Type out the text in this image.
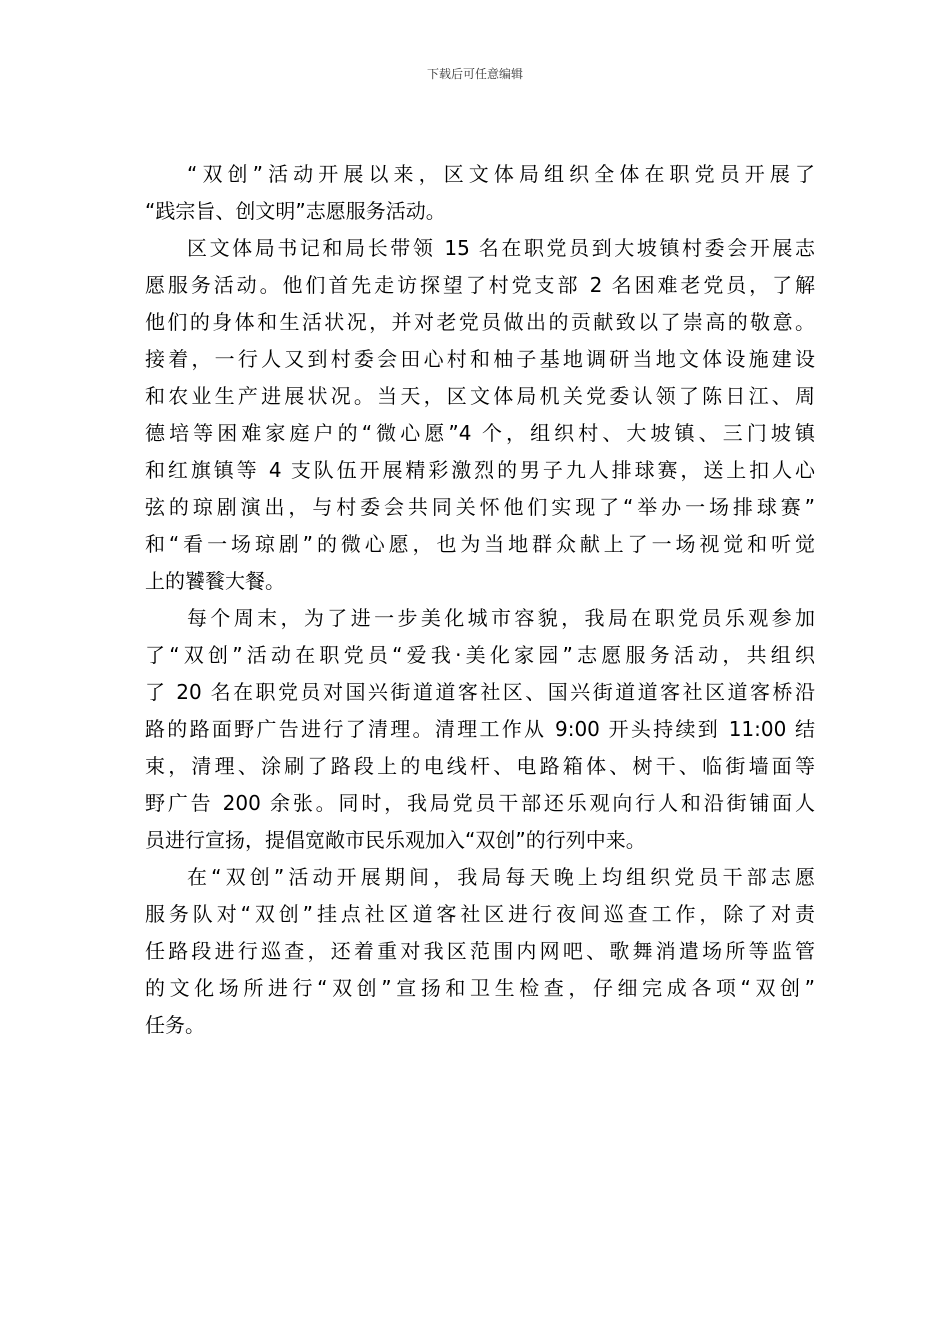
下载后可任意编辑
“双创”活动开展以来，区文体局组织全体在职党员开展了
“践宗旨、创文明”志愿服务活动。
区文体局书记和局长带领 15 名在职党员到大坡镇村委会开展志
愿服务活动。他们首先走访探望了村党支部 2 名困难老党员，了解
他们的身体和生活状况，并对老党员做出的贡献致以了崇高的敬意。
接着，一行人又到村委会田心村和柚子基地调研当地文体设施建设
和农业生产进展状况。当天，区文体局机关党委认领了陈日江、周
德培等困难家庭户的“微心愿”4 个，组织村、大坡镇、三门坡镇
和红旗镇等 4 支队伍开展精彩激烈的男子九人排球赛，送上扣人心
弦的琼剧演出，与村委会共同关怀他们实现了“举办一场排球赛”
和“看一场琼剧”的微心愿，也为当地群众献上了一场视觉和听觉
上的饕餮大餐。
每个周末，为了进一步美化城市容貌，我局在职党员乐观参加
了“双创”活动在职党员“爱我·美化家园”志愿服务活动，共组织
了 20 名在职党员对国兴街道道客社区、国兴街道道客社区道客桥沿
路的路面野广告进行了清理。清理工作从 9:00 开头持续到 11:00 结
束，清理、涂刷了路段上的电线杆、电路箱体、树干、临街墙面等
野广告 200 余张。同时，我局党员干部还乐观向行人和沿街铺面人
员进行宣扬，提倡宽敞市民乐观加入“双创”的行列中来。
在“双创”活动开展期间，我局每天晚上均组织党员干部志愿
服务队对“双创”挂点社区道客社区进行夜间巡查工作，除了对责
任路段进行巡查，还着重对我区范围内网吧、歌舞消遣场所等监管
的文化场所进行“双创”宣扬和卫生检查，仔细完成各项“双创”
任务。
